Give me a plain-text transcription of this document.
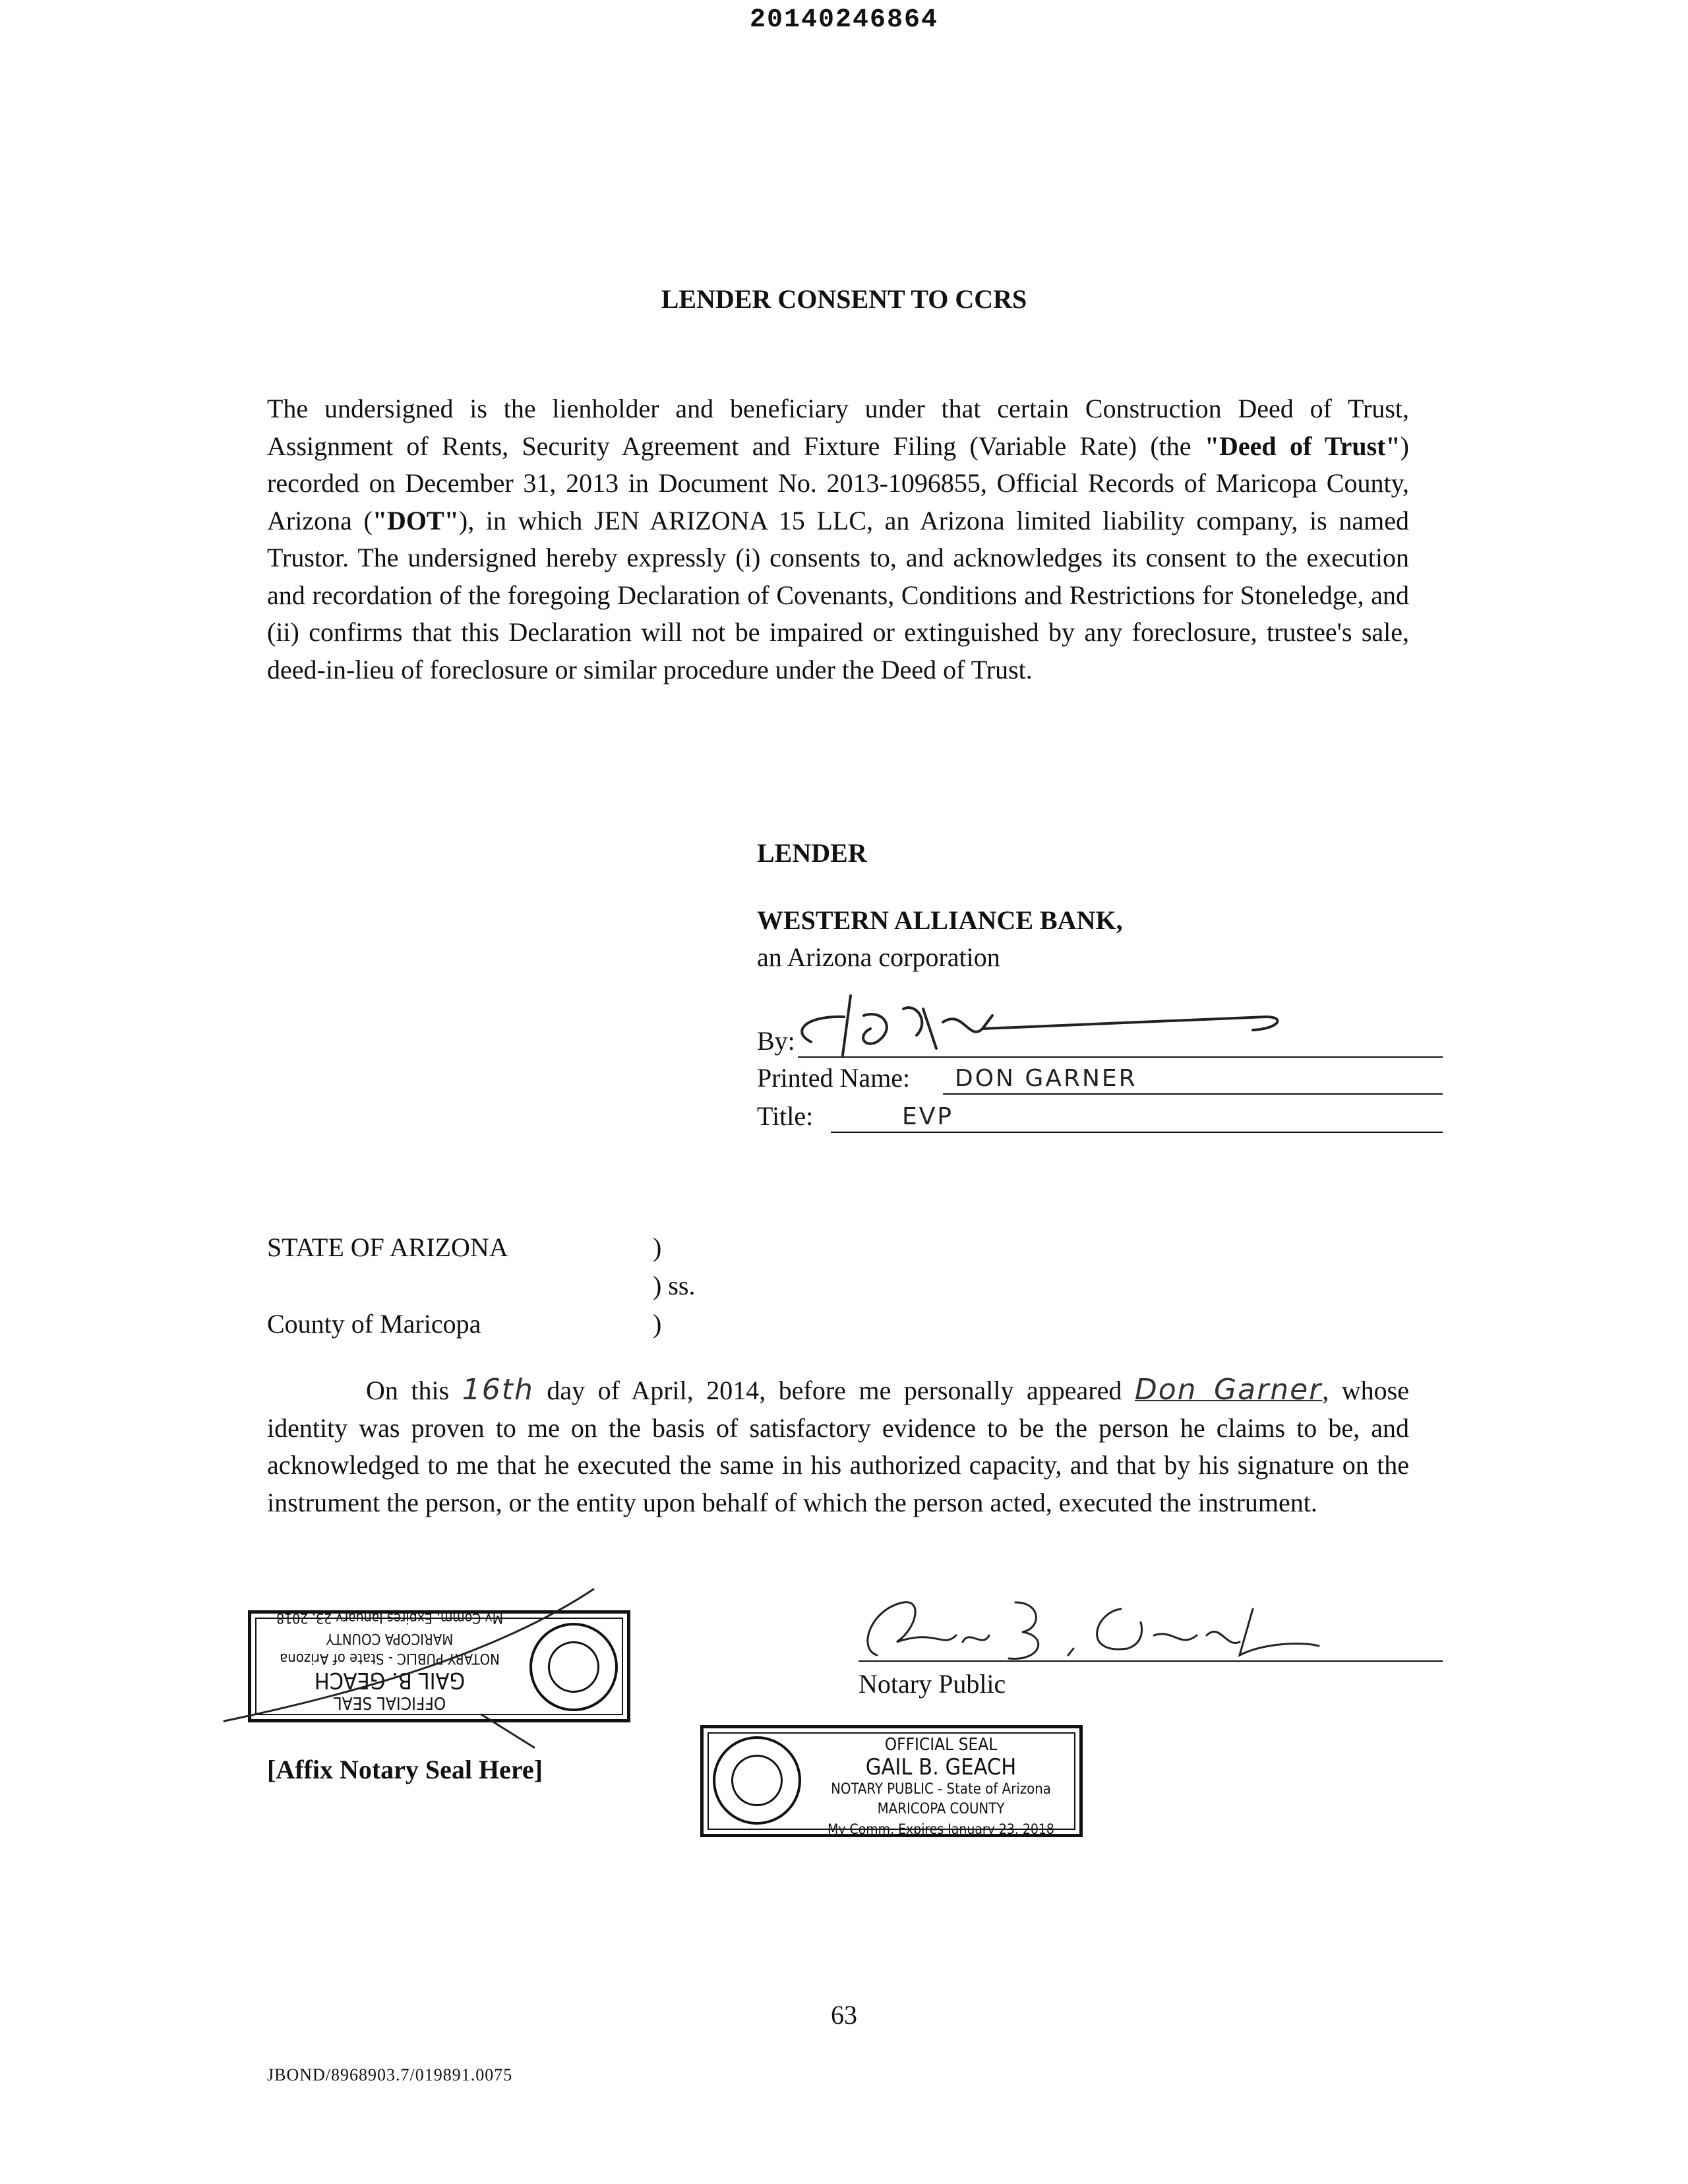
20140246864
LENDER CONSENT TO CCRS
The undersigned is the lienholder and beneficiary under that certain Construction Deed of Trust, Assignment of Rents, Security Agreement and Fixture Filing (Variable Rate) (the "Deed of Trust") recorded on December 31, 2013 in Document No. 2013-1096855, Official Records of Maricopa County, Arizona ("DOT"), in which JEN ARIZONA 15 LLC, an Arizona limited liability company, is named Trustor. The undersigned hereby expressly (i) consents to, and acknowledges its consent to the execution and recordation of the foregoing Declaration of Covenants, Conditions and Restrictions for Stoneledge, and (ii) confirms that this Declaration will not be impaired or extinguished by any foreclosure, trustee's sale, deed-in-lieu of foreclosure or similar procedure under the Deed of Trust.
LENDER
WESTERN ALLIANCE BANK,
an Arizona corporation
By:
Printed Name: DON GARNER
Title:	EVP
STATE OF ARIZONA
County of Maricopa
)
) ss.
)
On this 16th day of April, 2014, before me personally appeared Don Garner, whose identity was proven to me on the basis of satisfactory evidence to be the person he claims to be, and acknowledged to me that he executed the same in his authorized capacity, and that by his signature on the instrument the person, or the entity upon behalf of which the person acted, executed the instrument.
Notary Public
OFFICIAL SEAL
GAIL B. GEACH
NOTARY PUBLIC - State of Arizona
MARICOPA COUNTY
My Comm. Expires January 23, 2018
[Affix Notary Seal Here]
OFFICIAL SEAL
GAIL B. GEACH
NOTARY PUBLIC - State of Arizona
MARICOPA COUNTY
My Comm. Expires January 23, 2018
63
JBOND/8968903.7/019891.0075
